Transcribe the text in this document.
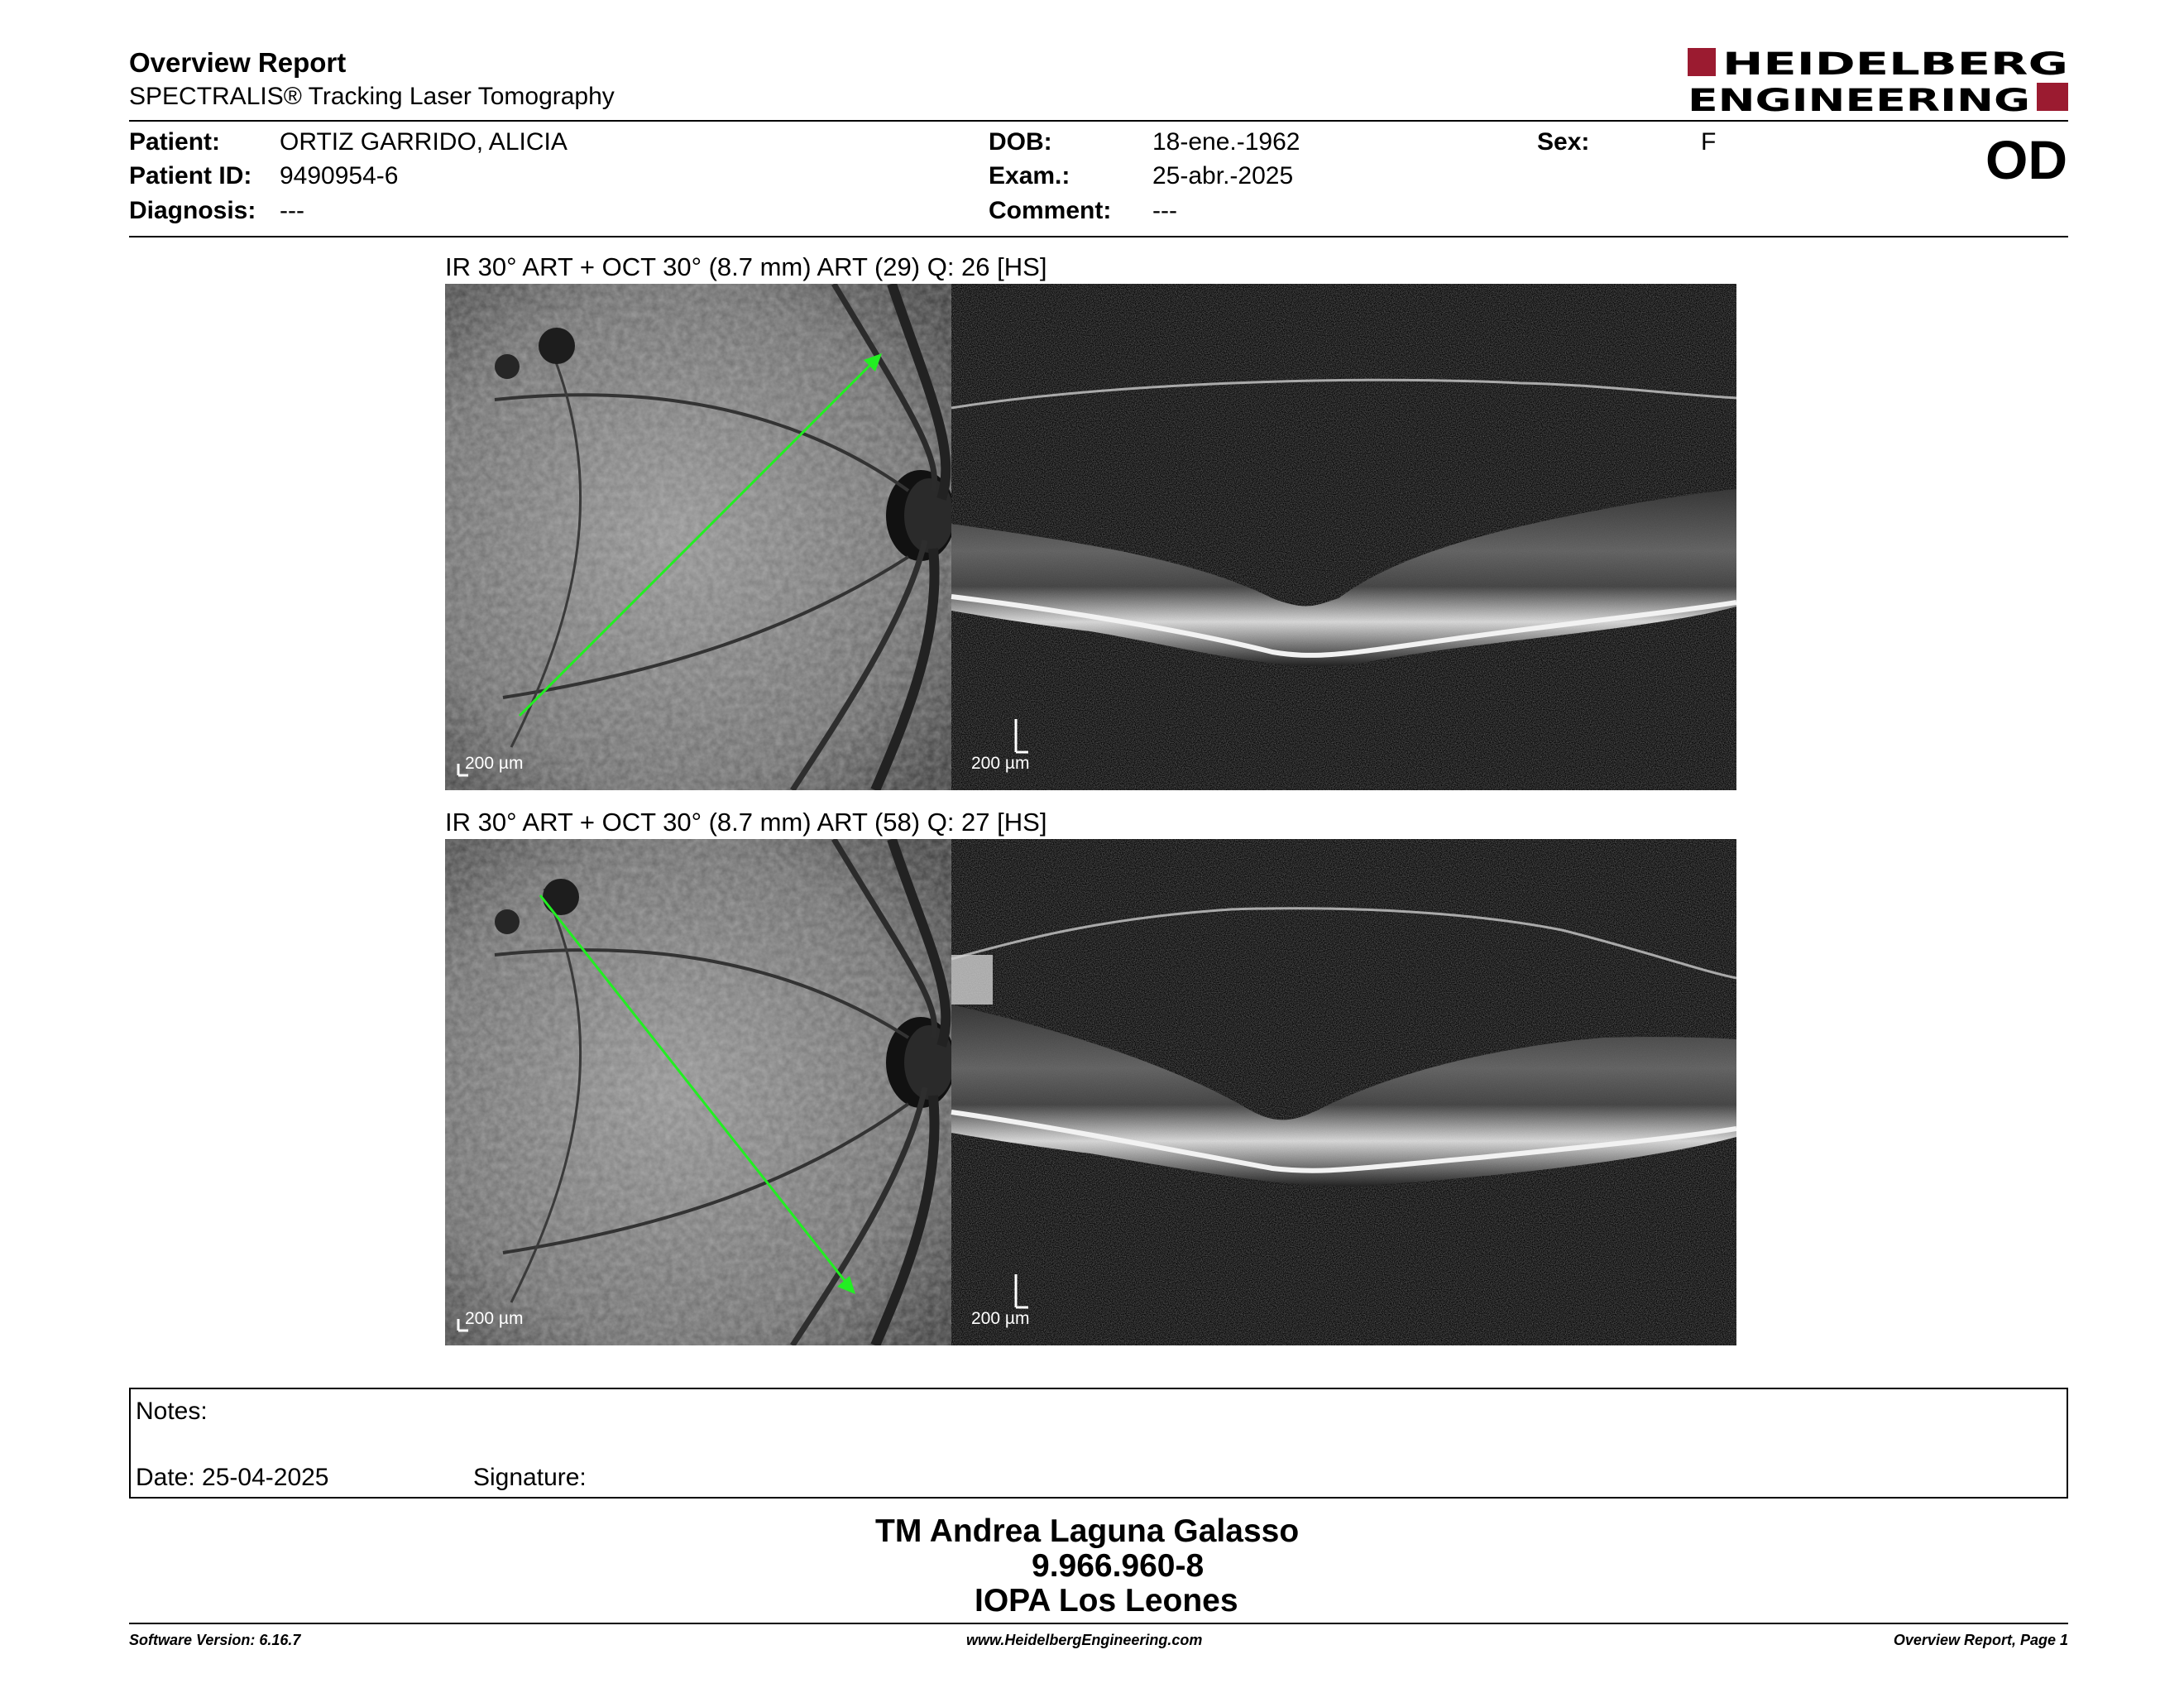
Overview Report
SPECTRALIS® Tracking Laser Tomography
HEIDELBERG
ENGINEERING
Patient: ORTIZ GARRIDO, ALICIA
Patient ID: 9490954-6
Diagnosis: ---
DOB:	18-ene.-1962
Exam.:	25-abr.-2025
Comment: ---
Sex:	F	OD
IR 30° ART + OCT 30° (8.7 mm) ART (29) Q: 26 [HS]
200 µm	200 µm
IR 30° ART + OCT 30° (8.7 mm) ART (58) Q: 27 [HS]
200 µm	200 µm
Notes:
Date: 25-04-2025	Signature:
TM Andrea Laguna Galasso
9.966.960-8
IOPA Los Leones
Software Version: 6.16.7	www.HeidelbergEngineering.com	Overview Report, Page 1
